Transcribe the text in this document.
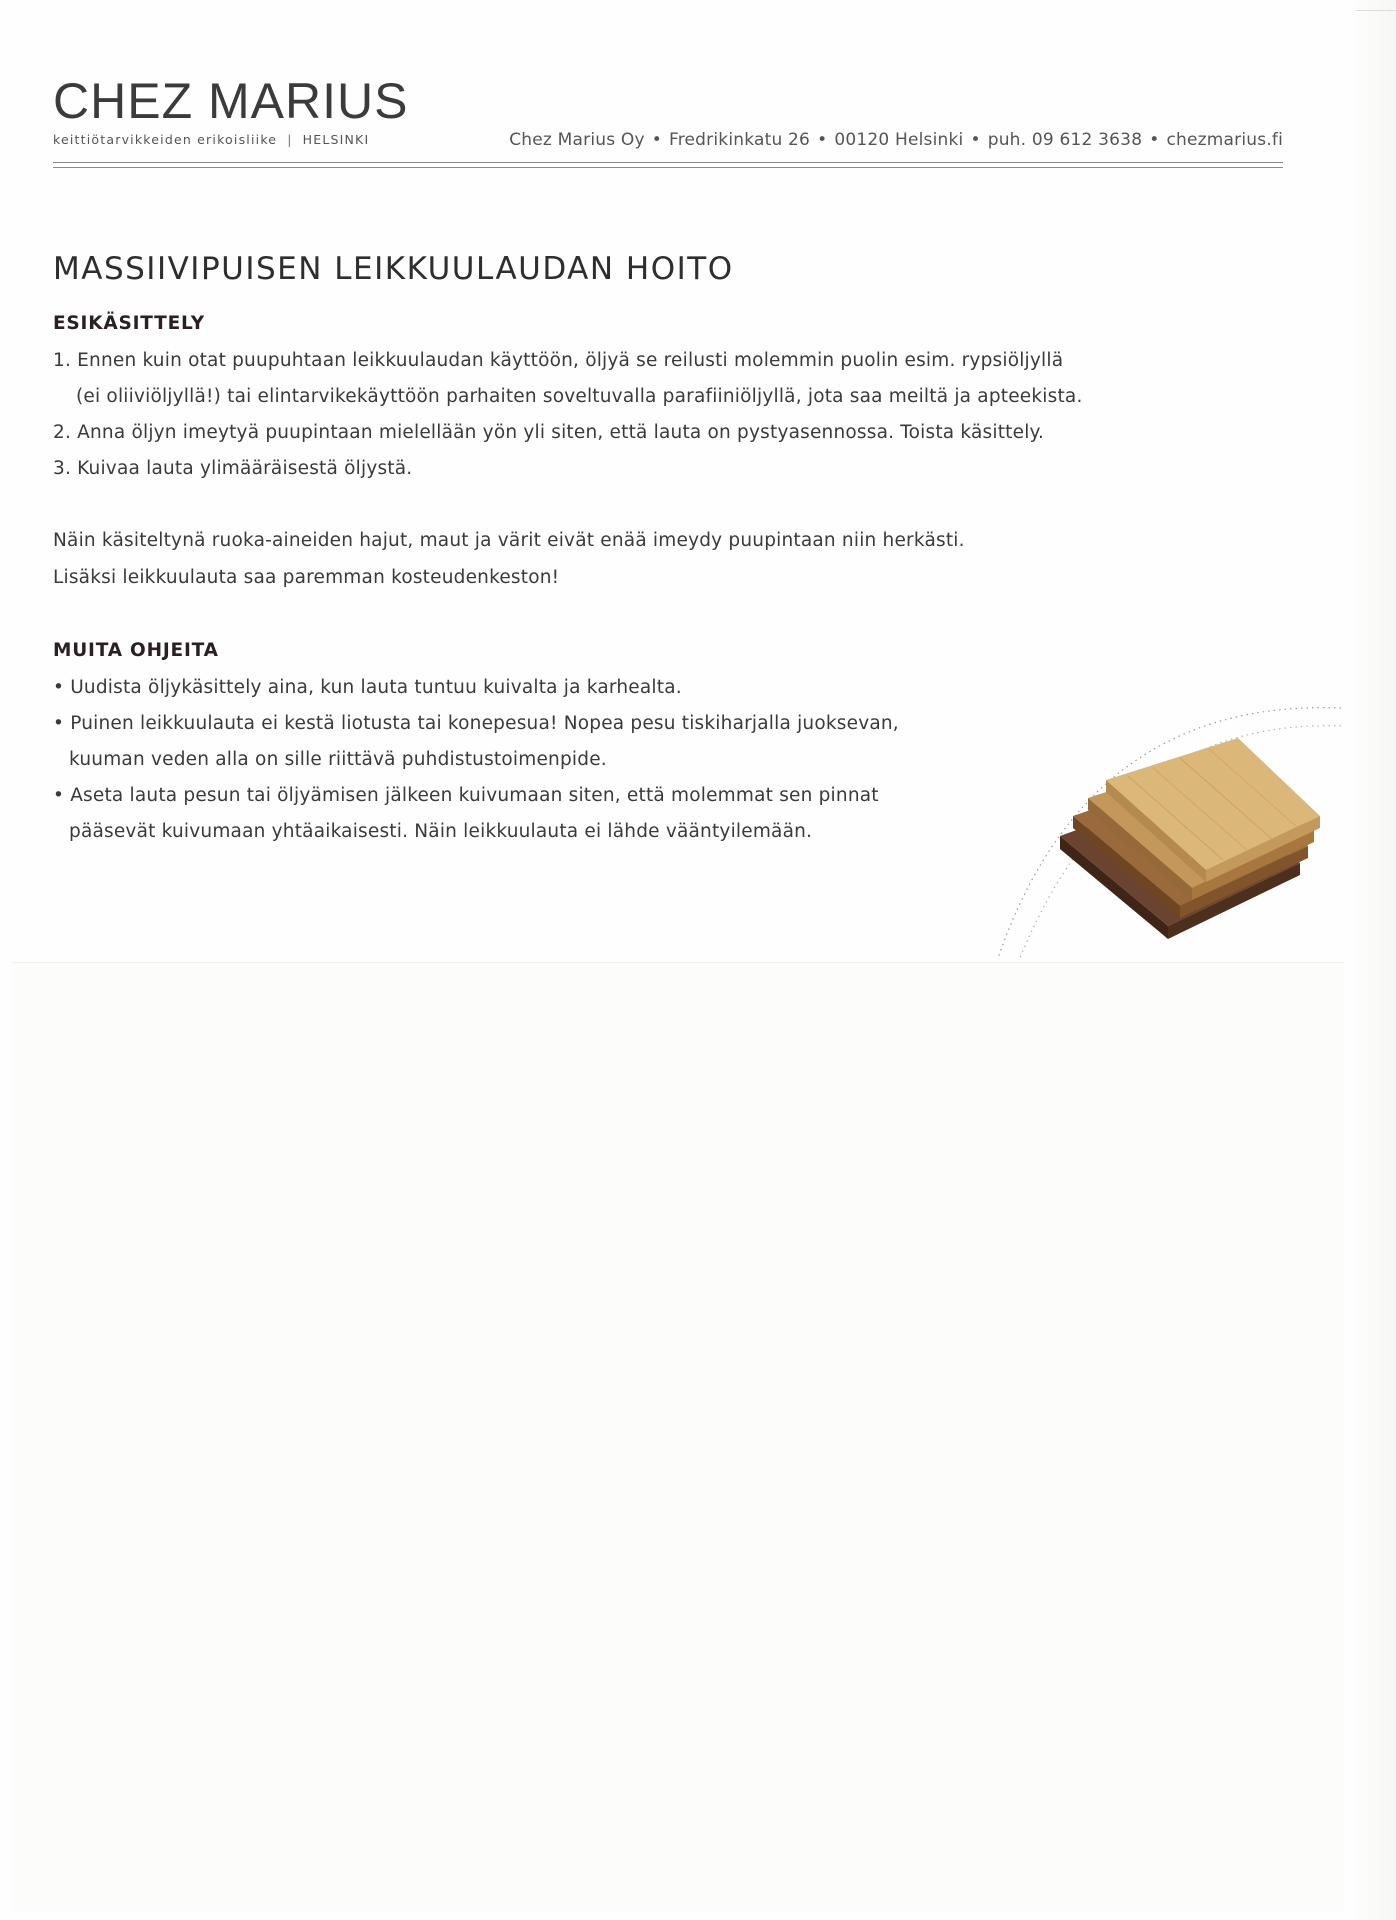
CHEZ MARIUS
keittiötarvikkeiden erikoisliike | HELSINKI	Chez Marius Oy • Fredrikinkatu 26 • 00120 Helsinki • puh. 09 612 3638 • chezmarius.fi
MASSIIVIPUISEN LEIKKUULAUDAN HOITO
ESIKÄSITTELY
1. Ennen kuin otat puupuhtaan leikkuulaudan käyttöön, öljyä se reilusti molemmin puolin esim. rypsiöljyllä
(ei oliiviöljyllä!) tai elintarvikekäyttöön parhaiten soveltuvalla parafiiniöljyllä, jota saa meiltä ja apteekista.
2. Anna öljyn imeytyä puupintaan mielellään yön yli siten, että lauta on pystyasennossa. Toista käsittely.
3. Kuivaa lauta ylimääräisestä öljystä.
Näin käsiteltynä ruoka-aineiden hajut, maut ja värit eivät enää imeydy puupintaan niin herkästi.
Lisäksi leikkuulauta saa paremman kosteudenkeston!
MUITA OHJEITA
• Uudista öljykäsittely aina, kun lauta tuntuu kuivalta ja karhealta.
• Puinen leikkuulauta ei kestä liotusta tai konepesua! Nopea pesu tiskiharjalla juoksevan,
kuuman veden alla on sille riittävä puhdistustoimenpide.
• Aseta lauta pesun tai öljyämisen jälkeen kuivumaan siten, että molemmat sen pinnat
pääsevät kuivumaan yhtäaikaisesti. Näin leikkuulauta ei lähde vääntyilemään.
